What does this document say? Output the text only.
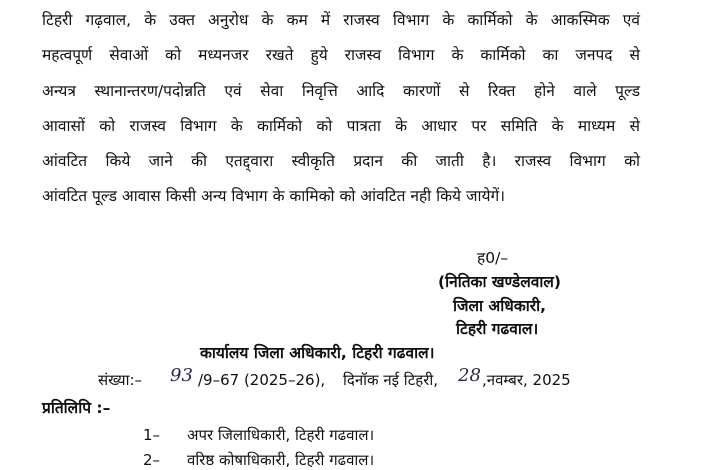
टिहरी गढ़वाल, के उक्त अनुरोध के कम में राजस्व विभाग के कार्मिको के आकस्मिक एवं
महत्वपूर्ण सेवाओं को मध्यनजर रखते हुये राजस्व विभाग के कार्मिको का जनपद से
अन्यत्र स्थानान्तरण/पदोन्नति एवं सेवा निवृत्ति आदि कारणों से रिक्त होने वाले पूल्ड
आवासों को राजस्व विभाग के कार्मिको को पात्रता के आधार पर समिति के माध्यम से
आंवटित किये जाने की एतद्द्वारा स्वीकृति प्रदान की जाती है। राजस्व विभाग को
आंवटित पूल्ड आवास किसी अन्य विभाग के कामिको को आंवटित नही किये जायेगें।
ह0/–
(नितिका खण्डेलवाल)
जिला अधिकारी,
टिहरी गढवाल।
कार्यालय जिला अधिकारी, टिहरी गढवाल।
संख्या:– 93 /9–67 (2025–26), दिनॉक नई टिहरी, 28 ,नवम्बर, 2025
प्रतिलिपि :–
1– अपर जिलाधिकारी, टिहरी गढवाल।
2– वरिष्ठ कोषाधिकारी, टिहरी गढवाल।
